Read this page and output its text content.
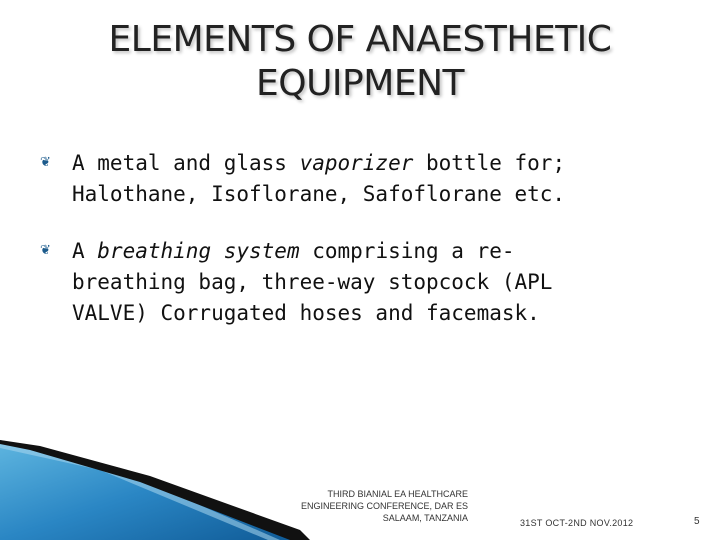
ELEMENTS OF ANAESTHETIC
EQUIPMENT
❦ A metal and glass vaporizer bottle for;
Halothane, Isoflorane, Safoflorane etc.
❦ A breathing system comprising a re-
breathing bag, three-way stopcock (APL
VALVE) Corrugated hoses and facemask.
THIRD BIANIAL EA HEALTHCARE
ENGINEERING CONFERENCE, DAR ES
SALAAM, TANZANIA	31ST OCT-2ND NOV.2012	5
